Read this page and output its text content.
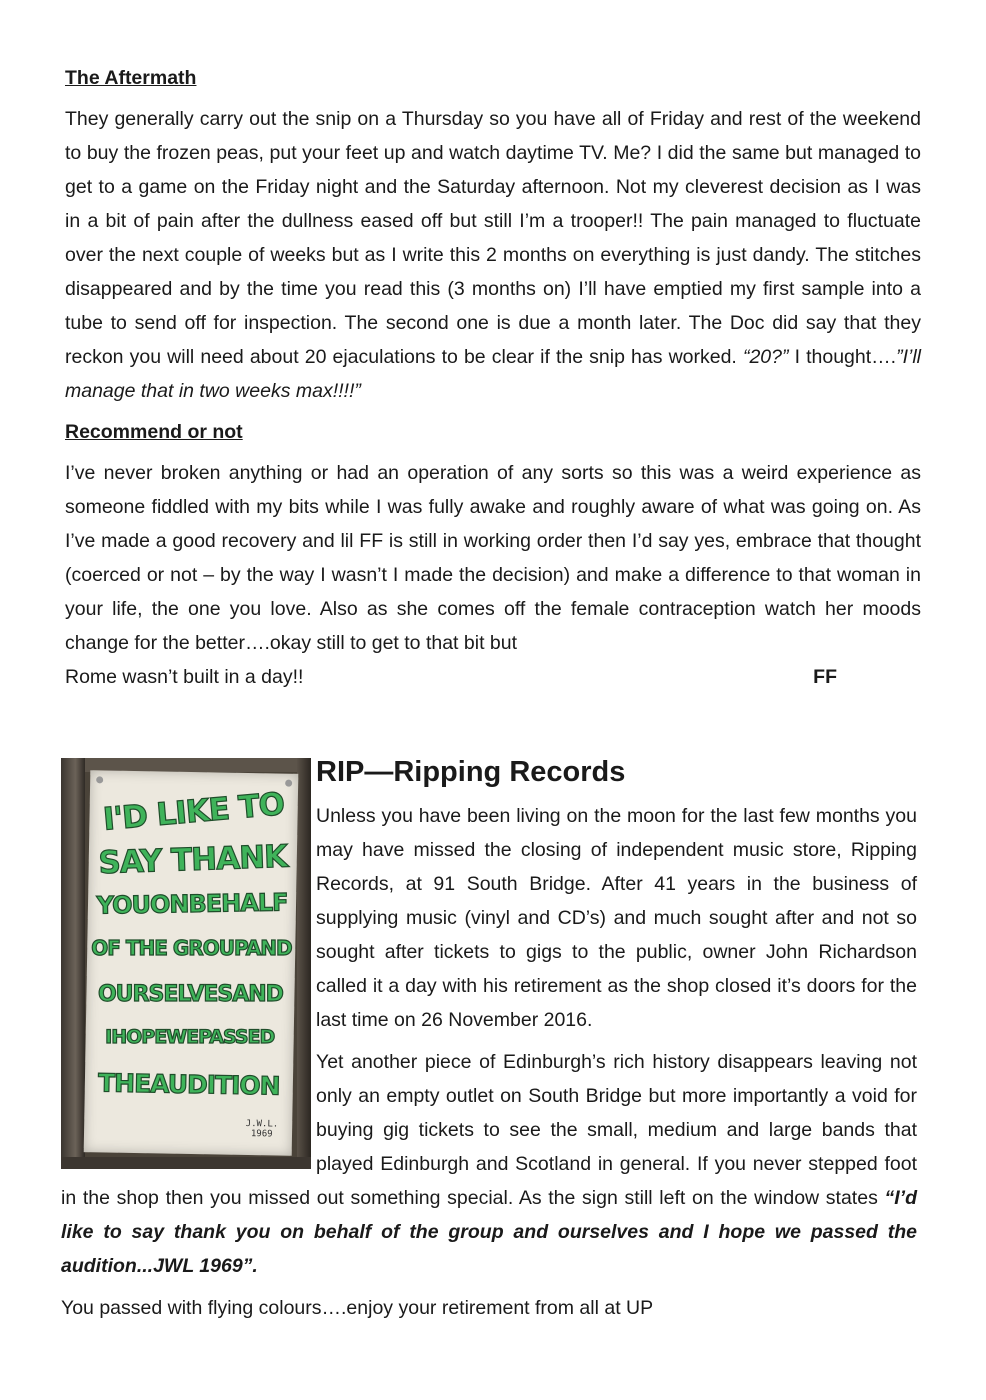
The Aftermath

They generally carry out the snip on a Thursday so you have all of Friday and rest of the weekend to buy the frozen peas, put your feet up and watch daytime TV. Me? I did the same but managed to get to a game on the Friday night and the Saturday afternoon. Not my cleverest decision as I was in a bit of pain after the dullness eased off but still I’m a trooper!! The pain managed to fluctuate over the next couple of weeks but as I write this 2 months on everything is just dandy. The stitches disappeared and by the time you read this (3 months on) I’ll have emptied my first sample into a tube to send off for inspection. The second one is due a month later. The Doc did say that they reckon you will need about 20 ejaculations to be clear if the snip has worked. “20?” I thought….”I’ll manage that in two weeks max!!!!”

Recommend or not

I’ve never broken anything or had an operation of any sorts so this was a weird experience as someone fiddled with my bits while I was fully awake and roughly aware of what was going on. As I’ve made a good recovery and lil FF is still in working order then I’d say yes, embrace that thought (coerced or not – by the way I wasn’t I made the decision) and make a difference to that woman in your life, the one you love. Also as she comes off the female contraception watch her moods change for the better….okay still to get to that bit but

Rome wasn’t built in a day!!	FF
I'D LIKE TO
SAY THANK
YOUONBEHALF
OF THE GROUPAND
OURSELVESAND
IHOPEWEPASSED
THEAUDITION
J.W.L.
1969
RIP—Ripping Records

Unless you have been living on the moon for the last few months you may have missed the closing of independent music store, Ripping Records, at 91 South Bridge. After 41 years in the business of supplying music (vinyl and CD’s) and much sought after and not so sought after tickets to gigs to the public, owner John Richardson called it a day with his retirement as the shop closed it’s doors for the last time on 26 November 2016.

Yet another piece of Edinburgh’s rich history disappears leaving not only an empty outlet on South Bridge but more importantly a void for buying gig tickets to see the small, medium and large bands that played Edinburgh and Scotland in general. If you never stepped foot in the shop then you missed out something special. As the sign still left on the window states “I’d like to say thank you on behalf of the group and ourselves and I hope we passed the audition...JWL 1969”.

You passed with flying colours….enjoy your retirement from all at UP
